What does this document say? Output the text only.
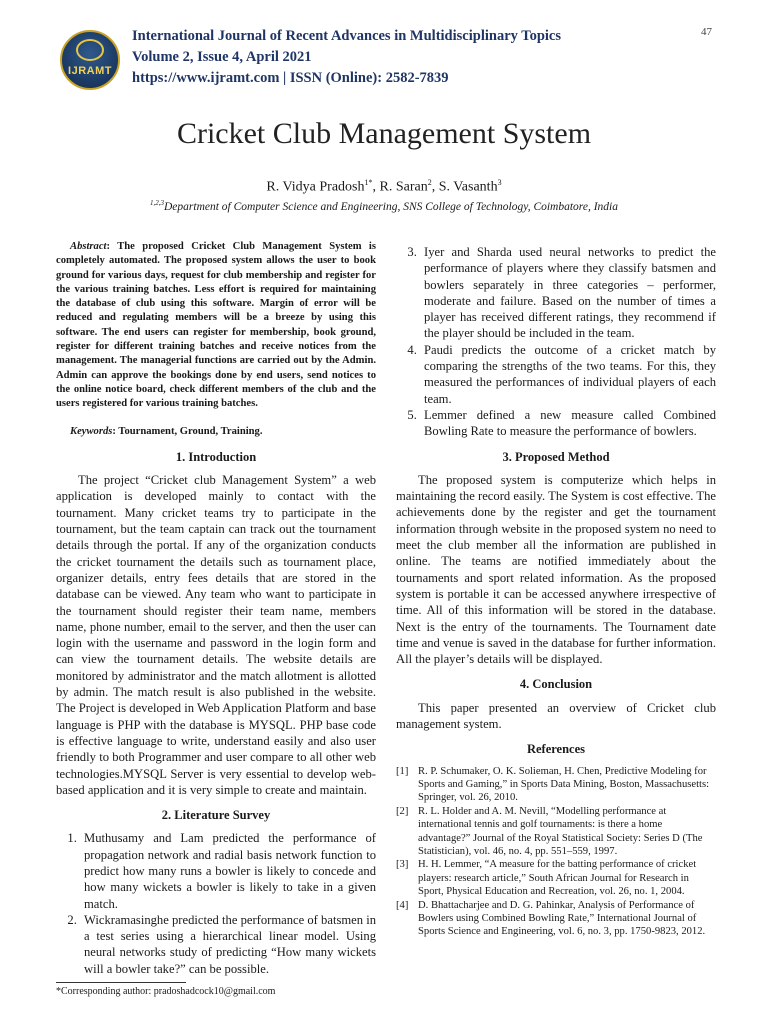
IJRAMT
International Journal of Recent Advances in Multidisciplinary Topics
Volume 2, Issue 4, April 2021
https://www.ijramt.com | ISSN (Online): 2582-7839
47
Cricket Club Management System
R. Vidya Pradosh$^{1*}$, R. Saran$^2$, S. Vasanth$^3$
$^{1,2,3}$Department of Computer Science and Engineering, SNS College of Technology, Coimbatore, India

Abstract: The proposed Cricket Club Management System is completely automated. The proposed system allows the user to book ground for various days, request for club membership and register for the various training batches. Less effort is required for maintaining the database of club using this software. Margin of error will be reduced and regulating members will be a breeze by using this software. The end users can register for membership, book ground, register for different training batches and receive notices from the management. The managerial functions are carried out by the Admin. Admin can approve the bookings done by end users, send notices to the online notice board, check different members of the club and the users registered for various training batches.

Keywords: Tournament, Ground, Training.

1. Introduction

The project “Cricket club Management System” a web application is developed mainly to contact with the tournament. Many cricket teams try to participate in the tournament, but the team captain can track out the tournament details through the portal. If any of the organization conducts the cricket tournament the details such as tournament place, organizer details, entry fees details that are stored in the database can be viewed. Any team who want to participate in the tournament should register their team name, members name, phone number, email to the server, and then the user can login with the username and password in the login form and can view the tournament details. The website details are monitored by administrator and the match allotment is allotted by admin. The match result is also published in the website. The Project is developed in Web Application Platform and base language is PHP with the database is MYSQL. PHP base code is effective language to write, understand easily and also user friendly to both Programmer and user compare to all other web technologies.MYSQL Server is very essential to develop web-based application and it is very simple to create and maintain.

2. Literature Survey
1. Muthusamy and Lam predicted the performance of propagation network and radial basis network function to predict how many runs a bowler is likely to concede and how many wickets a bowler is likely to take in a given match.
2. Wickramasinghe predicted the performance of batsmen in a test series using a hierarchical linear model. Using neural networks study of predicting “How many wickets will a bowler take?” can be possible.
3. Iyer and Sharda used neural networks to predict the performance of players where they classify batsmen and bowlers separately in three categories – performer, moderate and failure. Based on the number of times a player has received different ratings, they recommend if the player should be included in the team.
4. Paudi predicts the outcome of a cricket match by comparing the strengths of the two teams. For this, they measured the performances of individual players of each team.
5. Lemmer defined a new measure called Combined Bowling Rate to measure the performance of bowlers.
3. Proposed Method

The proposed system is computerize which helps in maintaining the record easily. The System is cost effective. The achievements done by the register and get the tournament information through website in the proposed system no need to meet the club member all the information are published in online. The teams are notified immediately about the tournaments and sport related information. As the proposed system is portable it can be accessed anywhere irrespective of time. All of this information will be stored in the database. Next is the entry of the tournaments. The Tournament date time and venue is saved in the database for further information. All the player’s details will be displayed.

4. Conclusion

This paper presented an overview of Cricket club management system.

References
[1] R. P. Schumaker, O. K. Solieman, H. Chen, Predictive Modeling for Sports and Gaming,” in Sports Data Mining, Boston, Massachusetts: Springer, vol. 26, 2010.
[2] R. L. Holder and A. M. Nevill, “Modelling performance at international tennis and golf tournaments: is there a home advantage?” Journal of the Royal Statistical Society: Series D (The Statistician), vol. 46, no. 4, pp. 551–559, 1997.
[3] H. H. Lemmer, “A measure for the batting performance of cricket players: research article,” South African Journal for Research in Sport, Physical Education and Recreation, vol. 26, no. 1, 2004.
[4] D. Bhattacharjee and D. G. Pahinkar, Analysis of Performance of Bowlers using Combined Bowling Rate,” International Journal of Sports Science and Engineering, vol. 6, no. 3, pp. 1750-9823, 2012.
*Corresponding author: pradoshadcock10@gmail.com
